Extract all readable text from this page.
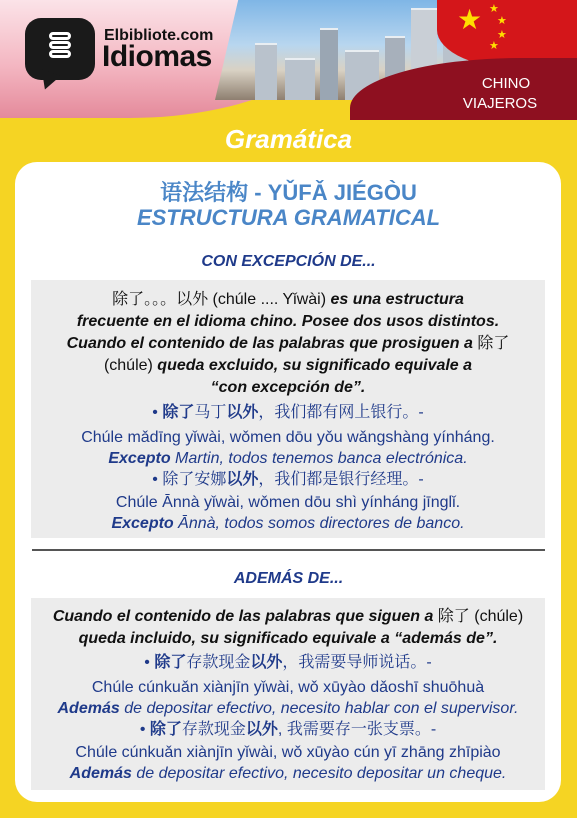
★ ★
★
★
★
Elbibliote.com
Idiomas
CHINO
VIAJEROS
Gramática
语法结构 - YǓFǍ JIÉGÒU
ESTRUCTURA GRAMATICAL
CON EXCEPCIÓN DE...
除了。。。以外 (chúle .... Yǐwài) es una estructura
frecuente en el idioma chino. Posee dos usos distintos.
Cuando el contenido de las palabras que prosiguen a 除了
(chúle) queda excluido, su significado equivale a
“con excepción de”.
• 除了马丁以外，我们都有网上银行。-
Chúle mǎdīng yǐwài, wǒmen dōu yǒu wǎngshàng yínháng.
Excepto Martin, todos tenemos banca electrónica.
• 除了安娜以外，我们都是银行经理。-
Chúle Ānnà yǐwài, wǒmen dōu shì yínháng jīnglǐ.
Excepto Ānnà, todos somos directores de banco.
ADEMÁS DE...
Cuando el contenido de las palabras que siguen a 除了 (chúle)
queda incluido, su significado equivale a “además de”.
• 除了存款现金以外，我需要导师说话。-
Chúle cúnkuǎn xiànjīn yǐwài, wǒ xūyào dǎoshī shuōhuà
Además de depositar efectivo, necesito hablar con el supervisor.
• 除了存款现金以外, 我需要存一张支票。-
Chúle cúnkuǎn xiànjīn yǐwài, wǒ xūyào cún yī zhāng zhīpiào
Además de depositar efectivo, necesito depositar un cheque.
